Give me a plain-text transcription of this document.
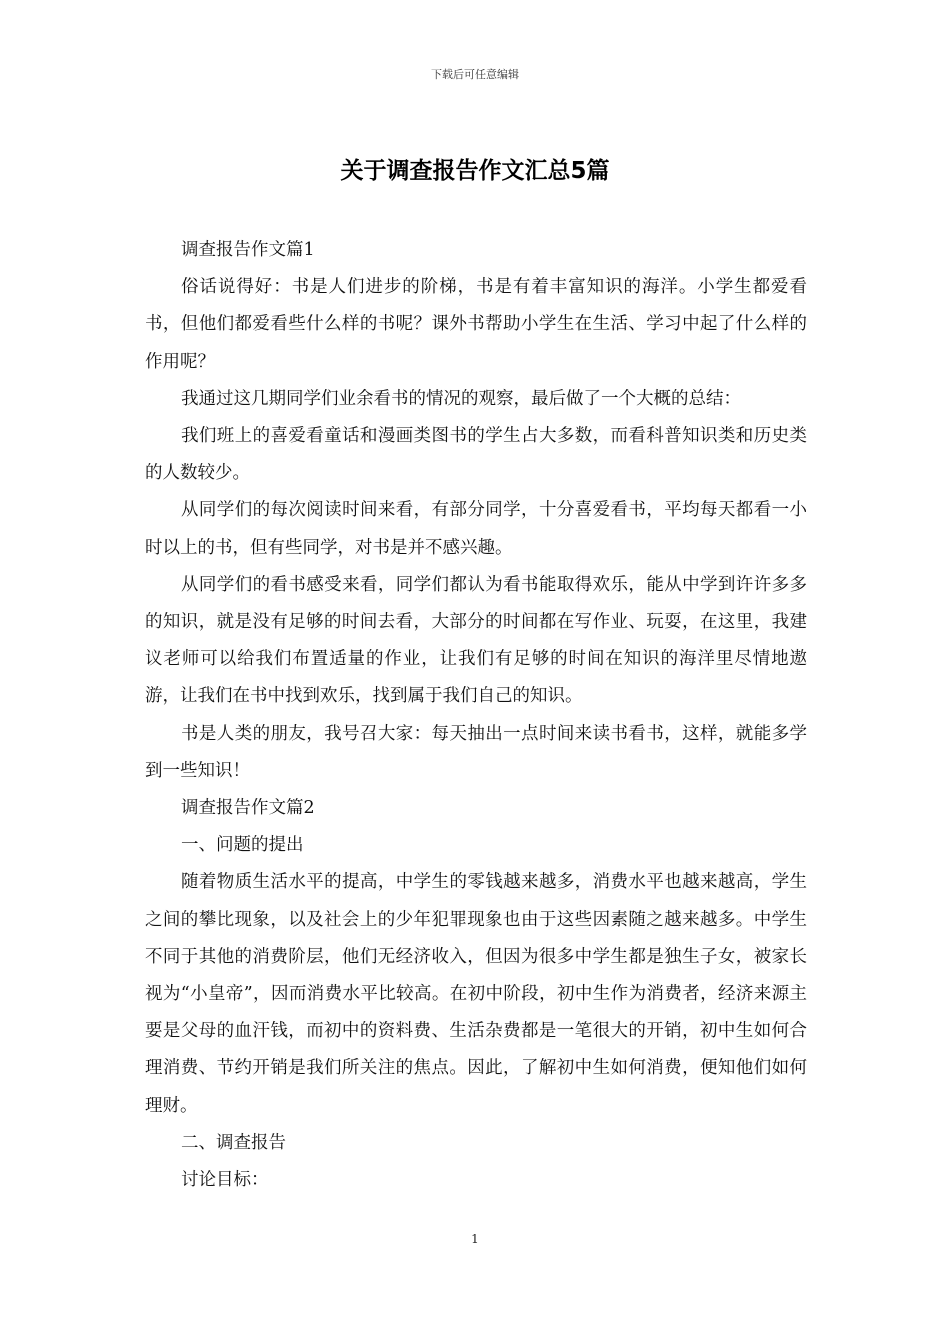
下载后可任意编辑
关于调查报告作文汇总5篇

调查报告作文篇1

俗话说得好：书是人们进步的阶梯，书是有着丰富知识的海洋。小学生都爱看书，但他们都爱看些什么样的书呢？课外书帮助小学生在生活、学习中起了什么样的作用呢？

我通过这几期同学们业余看书的情况的观察，最后做了一个大概的总结：

我们班上的喜爱看童话和漫画类图书的学生占大多数，而看科普知识类和历史类的人数较少。

从同学们的每次阅读时间来看，有部分同学，十分喜爱看书，平均每天都看一小时以上的书，但有些同学，对书是并不感兴趣。

从同学们的看书感受来看，同学们都认为看书能取得欢乐，能从中学到许许多多的知识，就是没有足够的时间去看，大部分的时间都在写作业、玩耍，在这里，我建议老师可以给我们布置适量的作业，让我们有足够的时间在知识的海洋里尽情地遨游，让我们在书中找到欢乐，找到属于我们自己的知识。

书是人类的朋友，我号召大家：每天抽出一点时间来读书看书，这样，就能多学到一些知识！

调查报告作文篇2

一、问题的提出

随着物质生活水平的提高，中学生的零钱越来越多，消费水平也越来越高，学生之间的攀比现象，以及社会上的少年犯罪现象也由于这些因素随之越来越多。中学生不同于其他的消费阶层，他们无经济收入，但因为很多中学生都是独生子女，被家长视为“小皇帝”，因而消费水平比较高。在初中阶段，初中生作为消费者，经济来源主要是父母的血汗钱，而初中的资料费、生活杂费都是一笔很大的开销，初中生如何合理消费、节约开销是我们所关注的焦点。因此，了解初中生如何消费，便知他们如何理财。

二、调查报告

讨论目标：

1
